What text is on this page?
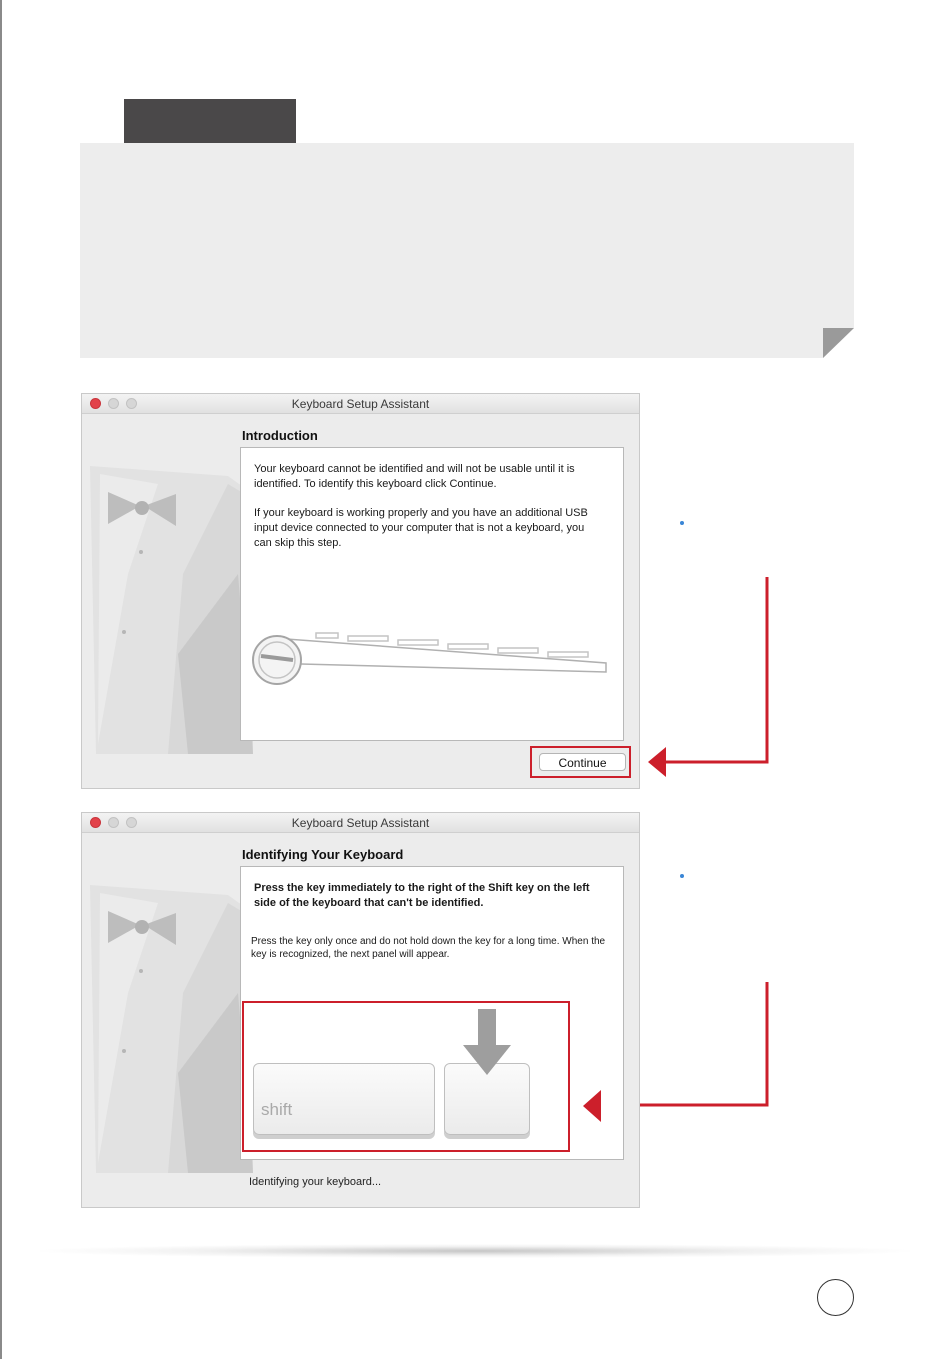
Keyboard Setup Assistant
Introduction
Your keyboard cannot be identified and will not be usable until it is identified. To identify this keyboard click Continue.
If your keyboard is working properly and you have an additional USB input device connected to your computer that is not a keyboard, you can skip this step.
Continue
Keyboard Setup Assistant
Identifying Your Keyboard
Press the key immediately to the right of the Shift key on the left side of the keyboard that can't be identified.
Press the key only once and do not hold down the key for a long time. When the key is recognized, the next panel will appear.
shift
Identifying your keyboard...
